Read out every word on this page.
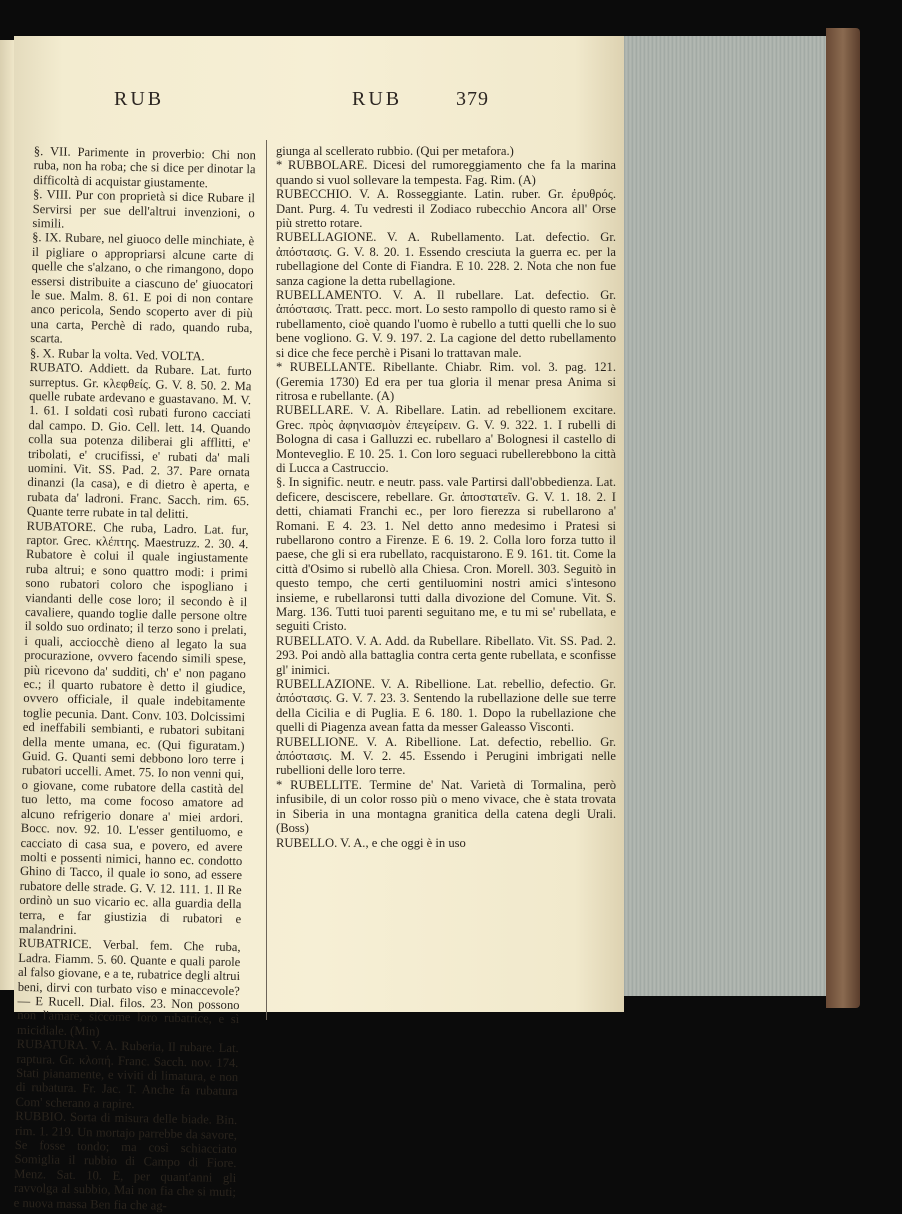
RUB	RUB	379

§. VII. Parimente in proverbio: Chi non ruba, non ha roba; che si dice per dinotar la difficoltà di acquistar giustamente.

§. VIII. Pur con proprietà si dice Rubare il Servirsi per sue dell'altrui invenzioni, o simili.

§. IX. Rubare, nel giuoco delle minchiate, è il pigliare o appropriarsi alcune carte di quelle che s'alzano, o che rimangono, dopo essersi distribuite a ciascuno de' giuocatori le sue. Malm. 8. 61. E poi di non contare anco pericola, Sendo scoperto aver di più una carta, Perchè di rado, quando ruba, scarta.

§. X. Rubar la volta. Ved. VOLTA.

RUBATO. Addiett. da Rubare. Lat. furto surreptus. Gr. κλεφθείς. G. V. 8. 50. 2. Ma quelle rubate ardevano e guastavano. M. V. 1. 61. I soldati così rubati furono cacciati dal campo. D. Gio. Cell. lett. 14. Quando colla sua potenza diliberai gli afflitti, e' tribolati, e' crucifissi, e' rubati da' mali uomini. Vit. SS. Pad. 2. 37. Pare ornata dinanzi (la casa), e di dietro è aperta, e rubata da' ladroni. Franc. Sacch. rim. 65. Quante terre rubate in tal delitti.

RUBATORE. Che ruba, Ladro. Lat. fur, raptor. Grec. κλέπτης. Maestruzz. 2. 30. 4. Rubatore è colui il quale ingiustamente ruba altrui; e sono quattro modi: i primi sono rubatori coloro che ispogliano i viandanti delle cose loro; il secondo è il cavaliere, quando toglie dalle persone oltre il soldo suo ordinato; il terzo sono i prelati, i quali, acciocchè dieno al legato la sua procurazione, ovvero facendo simili spese, più ricevono da' sudditi, ch' e' non pagano ec.; il quarto rubatore è detto il giudice, ovvero officiale, il quale indebitamente toglie pecunia. Dant. Conv. 103. Dolcissimi ed ineffabili sembianti, e rubatori subitani della mente umana, ec. (Qui figuratam.) Guid. G. Quanti semi debbono loro terre i rubatori uccelli. Amet. 75. Io non venni qui, o giovane, come rubatore della castità del tuo letto, ma come focoso amatore ad alcuno refrigerio donare a' miei ardori. Bocc. nov. 92. 10. L'esser gentiluomo, e cacciato di casa sua, e povero, ed avere molti e possenti nimici, hanno ec. condotto Ghino di Tacco, il quale io sono, ad essere rubatore delle strade. G. V. 12. 111. 1. Il Re ordinò un suo vicario ec. alla guardia della terra, e far giustizia di rubatori e malandrini.

RUBATRICE. Verbal. fem. Che ruba, Ladra. Fiamm. 5. 60. Quante e quali parole al falso giovane, e a te, rubatrice degli altrui beni, dirvi con turbato viso e minaccevole? — E Rucell. Dial. filos. 23. Non possono non l'amare, siccome loro rubatrice, e sì micidiale. (Min)

RUBATURA. V. A. Ruberia, Il rubare. Lat. raptura. Gr. κλοπή. Franc. Sacch. nov. 174. Stati pianamente, e viviti di limatura, e non di rubatura. Fr. Jac. T. Anche fa rubatura Com' scherano a rapire.

RUBBIO. Sorta di misura delle biade. Bin. rim. 1. 219. Un mortajo parrebbe da savore, Se fosse tondo; ma così schiacciato Somiglia il rubbio di Campo di Fiore. Menz. Sat. 10. E, per quant'anni gli ravvolga al subbio, Mai non fia che si muti; e nuova massa Ben fia che ag-

giunga al scellerato rubbio. (Qui per metafora.)

* RUBBOLARE. Dicesi del rumoreggiamento che fa la marina quando si vuol sollevare la tempesta. Fag. Rim. (A)

RUBECCHIO. V. A. Rosseggiante. Latin. ruber. Gr. ἐρυθρός. Dant. Purg. 4. Tu vedresti il Zodiaco rubecchio Ancora all' Orse più stretto rotare.

RUBELLAGIONE. V. A. Rubellamento. Lat. defectio. Gr. ἀπόστασις. G. V. 8. 20. 1. Essendo cresciuta la guerra ec. per la rubellagione del Conte di Fiandra. E 10. 228. 2. Nota che non fue sanza cagione la detta rubellagione.

RUBELLAMENTO. V. A. Il rubellare. Lat. defectio. Gr. ἀπόστασις. Tratt. pecc. mort. Lo sesto rampollo di questo ramo si è rubellamento, cioè quando l'uomo è rubello a tutti quelli che lo suo bene vogliono. G. V. 9. 197. 2. La cagione del detto rubellamento si dice che fece perchè i Pisani lo trattavan male.

* RUBELLANTE. Ribellante. Chiabr. Rim. vol. 3. pag. 121. (Geremia 1730) Ed era per tua gloria il menar presa Anima si ritrosa e rubellante. (A)

RUBELLARE. V. A. Ribellare. Latin. ad rebellionem excitare. Grec. πρὸς ἀφηνιασμὸν ἐπεγείρειν. G. V. 9. 322. 1. I rubelli di Bologna di casa i Galluzzi ec. rubellaro a' Bolognesi il castello di Monteveglio. E 10. 25. 1. Con loro seguaci rubellerebbono la città di Lucca a Castruccio.

§. In signific. neutr. e neutr. pass. vale Partirsi dall'obbedienza. Lat. deficere, desciscere, rebellare. Gr. ἀποστατεῖν. G. V. 1. 18. 2. I detti, chiamati Franchi ec., per loro fierezza si rubellarono a' Romani. E 4. 23. 1. Nel detto anno medesimo i Pratesi si rubellarono contro a Firenze. E 6. 19. 2. Colla loro forza tutto il paese, che gli si era rubellato, racquistarono. E 9. 161. tit. Come la città d'Osimo si rubellò alla Chiesa. Cron. Morell. 303. Seguitò in questo tempo, che certi gentiluomini nostri amici s'intesono insieme, e rubellaronsi tutti dalla divozione del Comune. Vit. S. Marg. 136. Tutti tuoi parenti seguitano me, e tu mi se' rubellata, e seguiti Cristo.

RUBELLATO. V. A. Add. da Rubellare. Ribellato. Vit. SS. Pad. 2. 293. Poi andò alla battaglia contra certa gente rubellata, e sconfisse gl' inimici.

RUBELLAZIONE. V. A. Ribellione. Lat. rebellio, defectio. Gr. ἀπόστασις. G. V. 7. 23. 3. Sentendo la rubellazione delle sue terre della Cicilia e di Puglia. E 6. 180. 1. Dopo la rubellazione che quelli di Piagenza avean fatta da messer Galeasso Visconti.

RUBELLIONE. V. A. Ribellione. Lat. defectio, rebellio. Gr. ἀπόστασις. M. V. 2. 45. Essendo i Perugini imbrigati nelle rubellioni delle loro terre.

* RUBELLITE. Termine de' Nat. Varietà di Tormalina, però infusibile, di un color rosso più o meno vivace, che è stata trovata in Siberia in una montagna granitica della catena degli Urali. (Boss)

RUBELLO. V. A., e che oggi è in uso
